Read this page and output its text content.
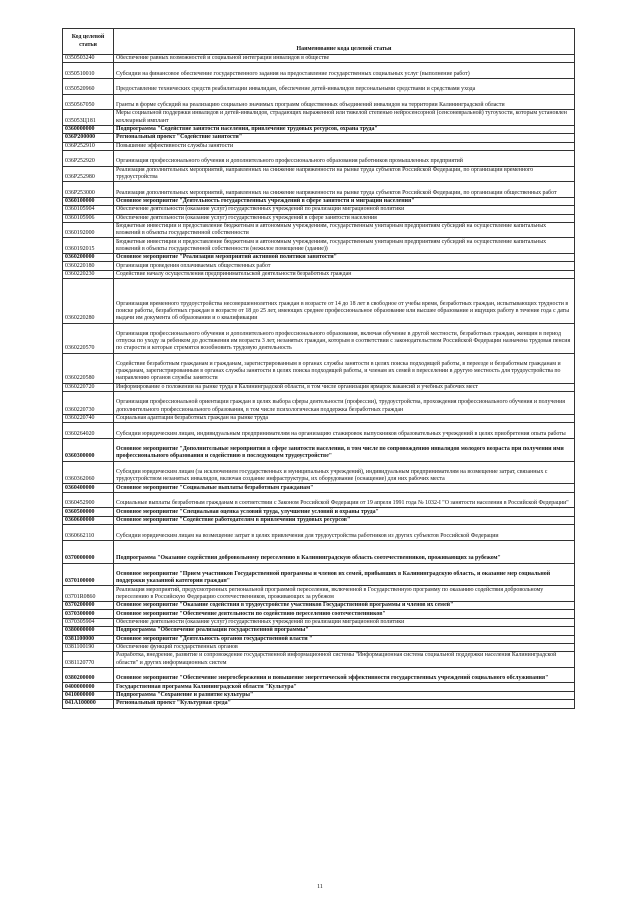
Код целевой статьи	Наименование кода целевой статьи
0350503240	Обеспечение равных возможностей и социальной интеграции инвалидов в обществе
0350510010	Субсидии на финансовое обеспечение государственного задания на предоставление государственных социальных услуг (выполнение работ)
0350520960	Предоставление технических средств реабилитации инвалидам, обеспечение детей-инвалидов персональными средствами и средствами ухода
0350567050	Гранты в форме субсидий на реализацию социально значимых программ общественных объединений инвалидов на территории Калининградской области
035053Ц181	Меры социальной поддержки инвалидов и детей-инвалидов, страдающих выраженной или тяжелой степенью нейросенсорной (сенсоневральной) тугоухости, которым установлен кохлеарный имплант
0360000000	Подпрограмма "Содействие занятости населения, привлечение трудовых ресурсов, охрана труда"
036P200000	Региональный проект "Содействие занятости"
036P252910	Повышение эффективности службы занятости
036P252920	Организация профессионального обучения и дополнительного профессионального образования работников промышленных предприятий
036P252980	Реализация дополнительных мероприятий, направленных на снижение напряженности на рынке труда субъектов Российской Федерации, по организации временного трудоустройства
036P253000	Реализация дополнительных мероприятий, направленных на снижение напряженности на рынке труда субъектов Российской Федерации, по организации общественных работ
0360100000	Основное мероприятие "Деятельность государственных учреждений в сфере занятости и миграции населения"
0360105904	Обеспечение деятельности (оказание услуг) государственных учреждений по реализации миграционной политики
0360105906	Обеспечение деятельности (оказание услуг) государственных учреждений в сфере занятости населения
0360192000	Бюджетные инвестиции и предоставление бюджетным и автономным учреждениям, государственным унитарным предприятиям субсидий на осуществление капитальных вложений в объекты государственной собственности
0360192015	Бюджетные инвестиции и предоставление бюджетным и автономным учреждениям, государственным унитарным предприятиям субсидий на осуществление капитальных вложений в объекты государственной собственности (нежилое помещение (здание))
0360200000	Основное мероприятие "Реализация мероприятий активной политики занятости"
0360220180	Организация проведения оплачиваемых общественных работ
0360220230	Содействие началу осуществления предпринимательской деятельности безработных граждан
0360220280	Организация временного трудоустройства несовершеннолетних граждан в возрасте от 14 до 18 лет в свободное от учебы время, безработных граждан, испытывающих трудности в поиске работы, безработных граждан в возрасте от 18 до 25 лет, имеющих среднее профессиональное образование или высшее образование и ищущих работу в течение года с даты выдачи им документа об образовании и о квалификации
0360220570	Организация профессионального обучения и дополнительного профессионального образования, включая обучение в другой местности, безработных граждан, женщин в период отпуска по уходу за ребенком до достижения им возраста 3 лет, незанятых граждан, которым в соответствии с законодательством Российской Федерации назначена трудовая пенсия по старости и которые стремятся возобновить трудовую деятельность
0360220580	Содействие безработным гражданам и гражданам, зарегистрированным в органах службы занятости в целях поиска подходящей работы, в переезде и безработным гражданам и гражданам, зарегистрированным в органах службы занятости в целях поиска подходящей работы, и членам их семей в переселении в другую местность для трудоустройства по направлению органов службы занятости
0360220720	Информирование о положении на рынке труда в Калининградской области, в том числе организация ярмарок вакансий и учебных рабочих мест
0360220730	Организация профессиональной ориентации граждан в целях выбора сферы деятельности (профессии), трудоустройства, прохождения профессионального обучения и получения дополнительного профессионального образования, в том числе психологическая поддержка безработных граждан
0360220740	Социальная адаптация безработных граждан на рынке труда
0360264020	Субсидии юридическим лицам, индивидуальным предпринимателям на организацию стажировок выпускников образовательных учреждений в целях приобретения опыта работы
0360300000	Основное мероприятие "Дополнительные мероприятия в сфере занятости населения, в том числе по сопровождению инвалидов молодого возраста при получении ими профессионального образования и содействию в последующем трудоустройстве"
0360362060	Субсидии юридическим лицам (за исключением государственных и муниципальных учреждений), индивидуальным предпринимателям на возмещение затрат, связанных с трудоустройством незанятых инвалидов, включая создание инфраструктуры, их оборудование (оснащение) для них рабочих места
0360400000	Основное мероприятие "Социальные выплаты безработным гражданам"
0360452900	Социальные выплаты безработным гражданам в соответствии с Законом Российской Федерации от 19 апреля 1991 года № 1032-I "О занятости населения в Российской Федерации"
0360500000	Основное мероприятие "Специальная оценка условий труда, улучшение условий и охраны труда"
0360600000	Основное мероприятие "Содействие работодателям в привлечении трудовых ресурсов"
0360662110	Субсидии юридическим лицам на возмещение затрат в целях привлечения для трудоустройства работников из других субъектов Российской Федерации
0370000000	Подпрограмма "Оказание содействия добровольному переселению в Калининградскую область соотечественников, проживающих за рубежом"
0370100000	Основное мероприятие "Прием участников Государственной программы и членов их семей, прибывших в Калининградскую область, и оказание мер социальной поддержки указанной категории граждан"
03701R0860	Реализация мероприятий, предусмотренных региональной программой переселения, включенной в Государственную программу по оказанию содействия добровольному переселению в Российскую Федерацию соотечественников, проживающих за рубежом
0370200000	Основное мероприятие "Оказание содействия в трудоустройстве участников Государственной программы и членов их семей"
0370300000	Основное мероприятие "Обеспечение деятельности по содействию переселению соотечественников"
0370305904	Обеспечение деятельности (оказание услуг) государственных учреждений по реализации миграционной политики
0380000000	Подпрограмма "Обеспечение реализации государственной программы"
0381100000	Основное мероприятие "Деятельность органов государственной власти "
0381100190	Обеспечение функций государственных органов
0381120770	Разработка, внедрение, развитие и сопровождение государственной информационной системы "Информационная система социальной поддержки населения Калининградской области" и других информационных систем
0380200000	Основное мероприятие "Обеспечение энергосбережения и повышение энергетической эффективности государственных учреждений социального обслуживания"
0400000000	Государственная программа Калининградской области "Культура"
0410000000	Подпрограмма "Сохранение и развитие культуры"
041A100000	Региональный проект "Культурная среда"
11
